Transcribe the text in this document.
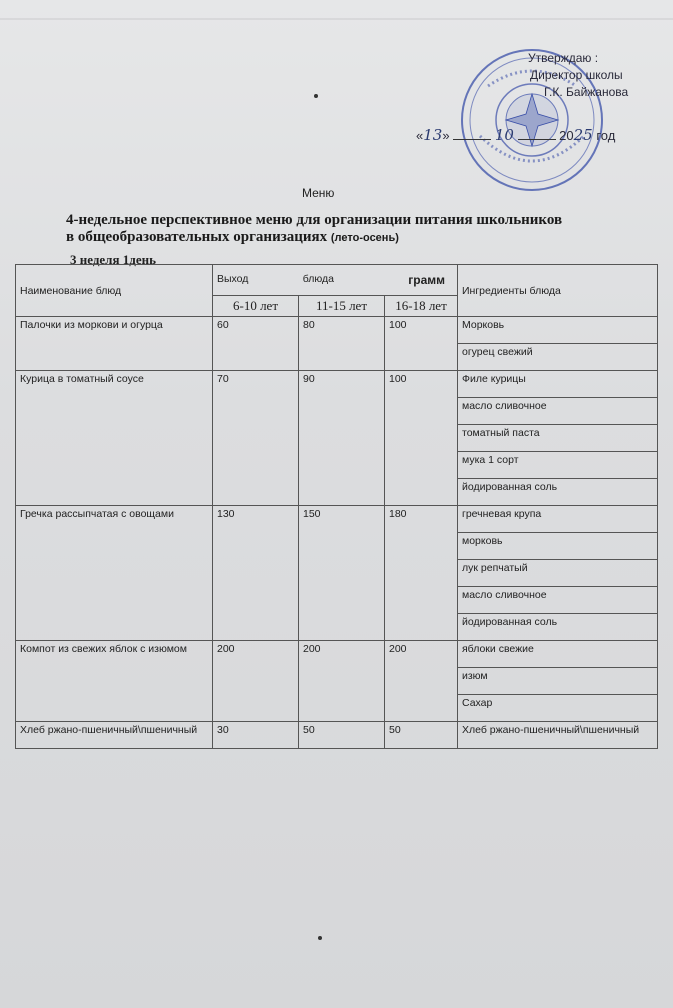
Утверждаю :
Директор школы
Г.К. Байжанова
«13»	10	2025 год
Меню
4-недельное перспективное меню для организации питания школьников
в общеобразовательных организациях (лето-осень)
3 неделя 1день
Наименование блюд	Выход блюда грамм			Ингредиенты блюда
	6-10 лет	11-15 лет	16-18 лет	
Палочки из моркови и огурца	60	80	100	Морковь
				огурец свежий
Курица в томатный соусе	70	90	100	Филе курицы
				масло сливочное
				томатный паста
				мука 1 сорт
				йодированная соль
Гречка рассыпчатая с овощами	130	150	180	гречневая крупа
				морковь
				лук репчатый
				масло сливочное
				йодированная соль
Компот из свежих яблок с изюмом	200	200	200	яблоки свежие
				изюм
				Сахар
Хлеб ржано-пшеничный\пшеничный	30	50	50	Хлеб ржано-пшеничный\пшеничный
